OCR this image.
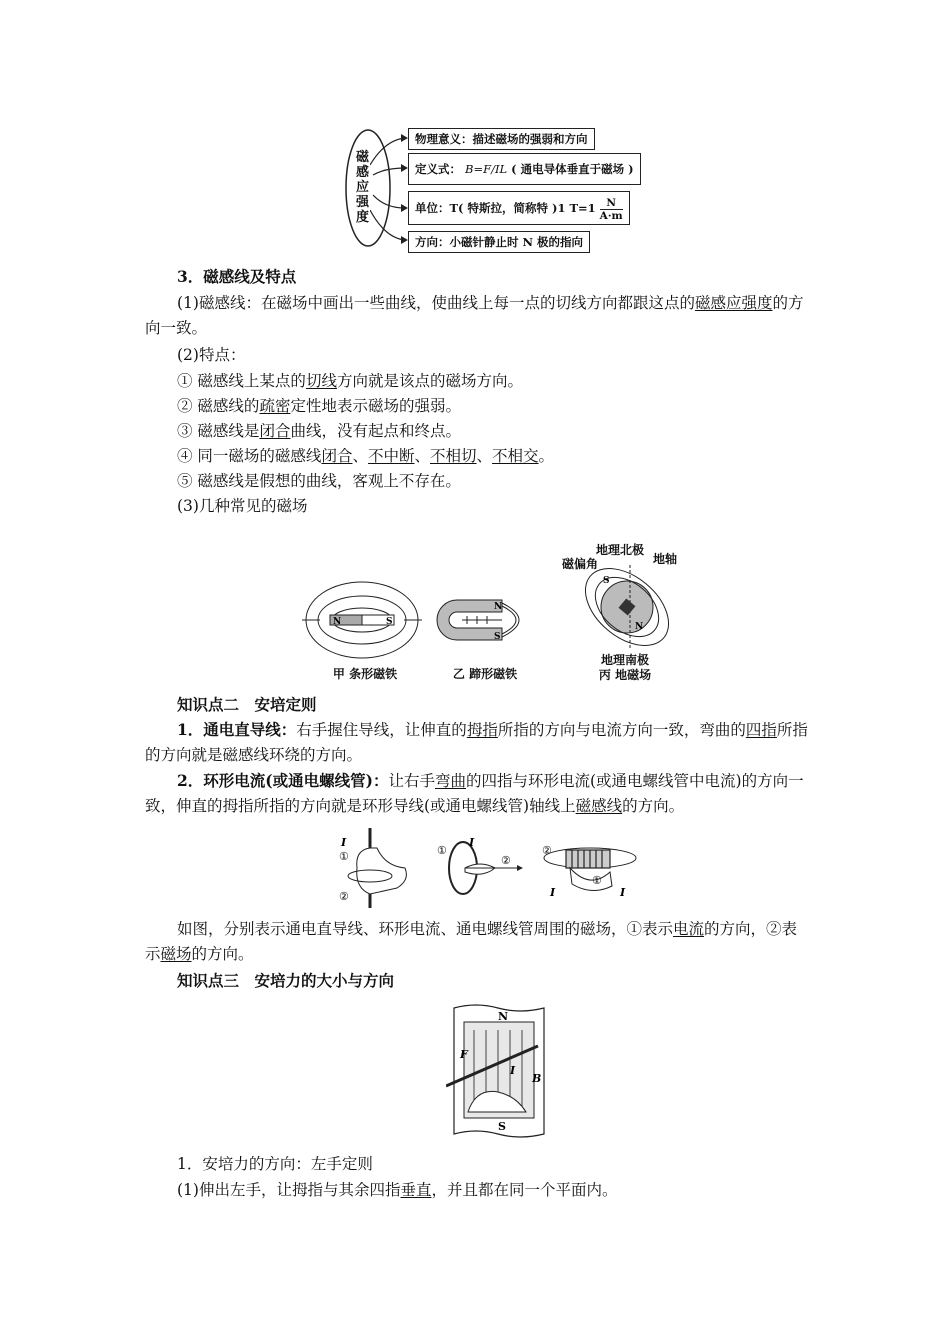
磁感应强度
物理意义：描述磁场的强弱和方向
定义式： B=F/IL ( 通电导体垂直于磁场 )
单位：T( 特斯拉，简称特 )1 $T=1 \frac{N}{A\cdot m}$
方向：小磁针静止时 N 极的指向

3．磁感线及特点

(1)磁感线：在磁场中画出一些曲线，使曲线上每一点的切线方向都跟这点的磁感应强度的方向一致。

(2)特点：

① 磁感线上某点的切线方向就是该点的磁场方向。

② 磁感线的疏密定性地表示磁场的强弱。

③ 磁感线是闭合曲线，没有起点和终点。

④ 同一磁场的磁感线闭合、不中断、不相切、不相交。

⑤ 磁感线是假想的曲线，客观上不存在。

(3)几种常见的磁场

N	S
甲 条形磁铁
N
S
乙 蹄形磁铁
地理北极
磁偏角	地轴
S
N
地理南极
丙 地磁场

知识点二　安培定则

1．通电直导线：右手握住导线，让伸直的拇指所指的方向与电流方向一致，弯曲的四指所指的方向就是磁感线环绕的方向。

2．环形电流(或通电螺线管)：让右手弯曲的四指与环形电流(或通电螺线管中电流)的方向一致，伸直的拇指所指的方向就是环形导线(或通电螺线管)轴线上磁感线的方向。

I
①
②
①
I
②
②
①
I	I

如图，分别表示通电直导线、环形电流、通电螺线管周围的磁场，①表示电流的方向，②表示磁场的方向。

知识点三　安培力的大小与方向

N
S
F
I
B

1．安培力的方向：左手定则

(1)伸出左手，让拇指与其余四指垂直，并且都在同一个平面内。
